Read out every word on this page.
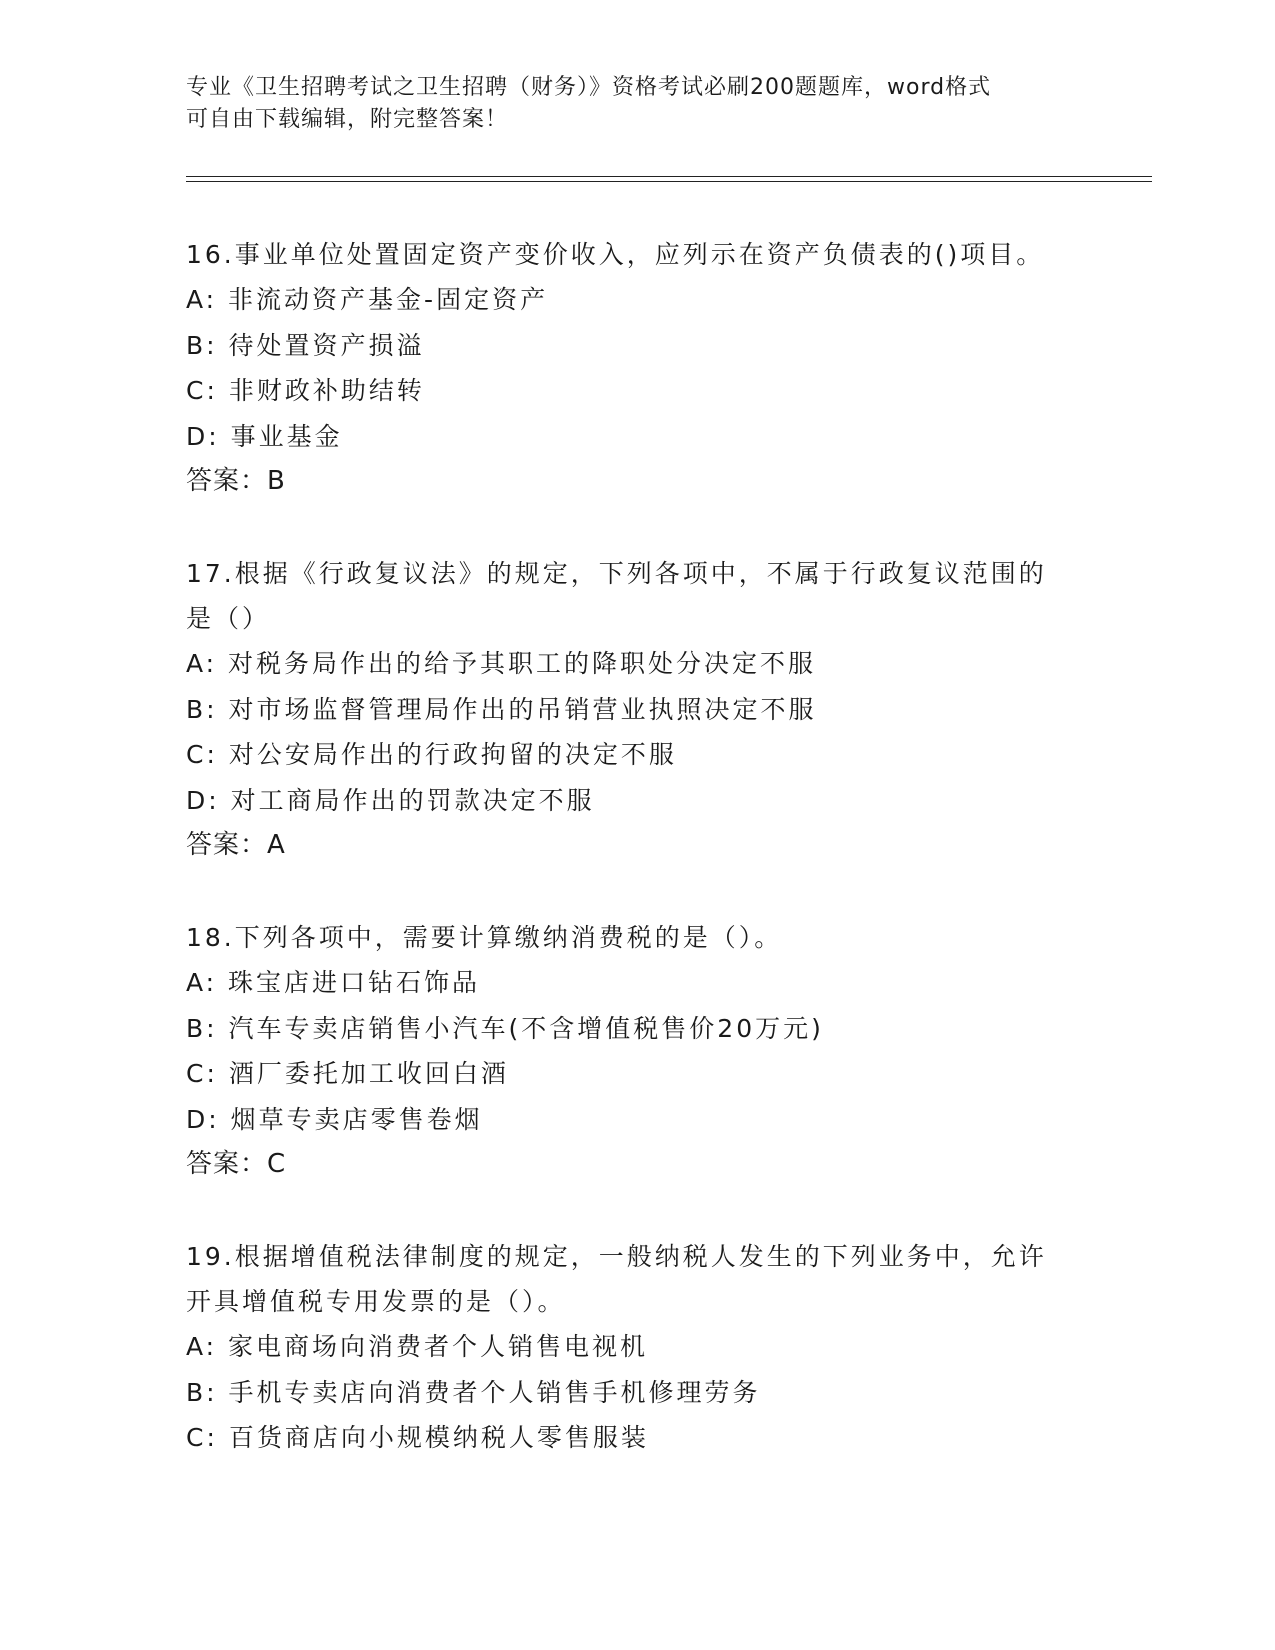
专业《卫生招聘考试之卫生招聘（财务）》资格考试必刷200题题库，word格式

可自由下载编辑，附完整答案！

16.事业单位处置固定资产变价收入，应列示在资产负债表的()项目。

A: 非流动资产基金-固定资产

B: 待处置资产损溢

C: 非财政补助结转

D: 事业基金

答案：B

17.根据《行政复议法》的规定，下列各项中，不属于行政复议范围的

是（）

A: 对税务局作出的给予其职工的降职处分决定不服

B: 对市场监督管理局作出的吊销营业执照决定不服

C: 对公安局作出的行政拘留的决定不服

D: 对工商局作出的罚款决定不服

答案：A

18.下列各项中，需要计算缴纳消费税的是（）。

A: 珠宝店进口钻石饰品

B: 汽车专卖店销售小汽车(不含增值税售价20万元)

C: 酒厂委托加工收回白酒

D: 烟草专卖店零售卷烟

答案：C

19.根据增值税法律制度的规定，一般纳税人发生的下列业务中，允许

开具增值税专用发票的是（）。

A: 家电商场向消费者个人销售电视机

B: 手机专卖店向消费者个人销售手机修理劳务

C: 百货商店向小规模纳税人零售服装
